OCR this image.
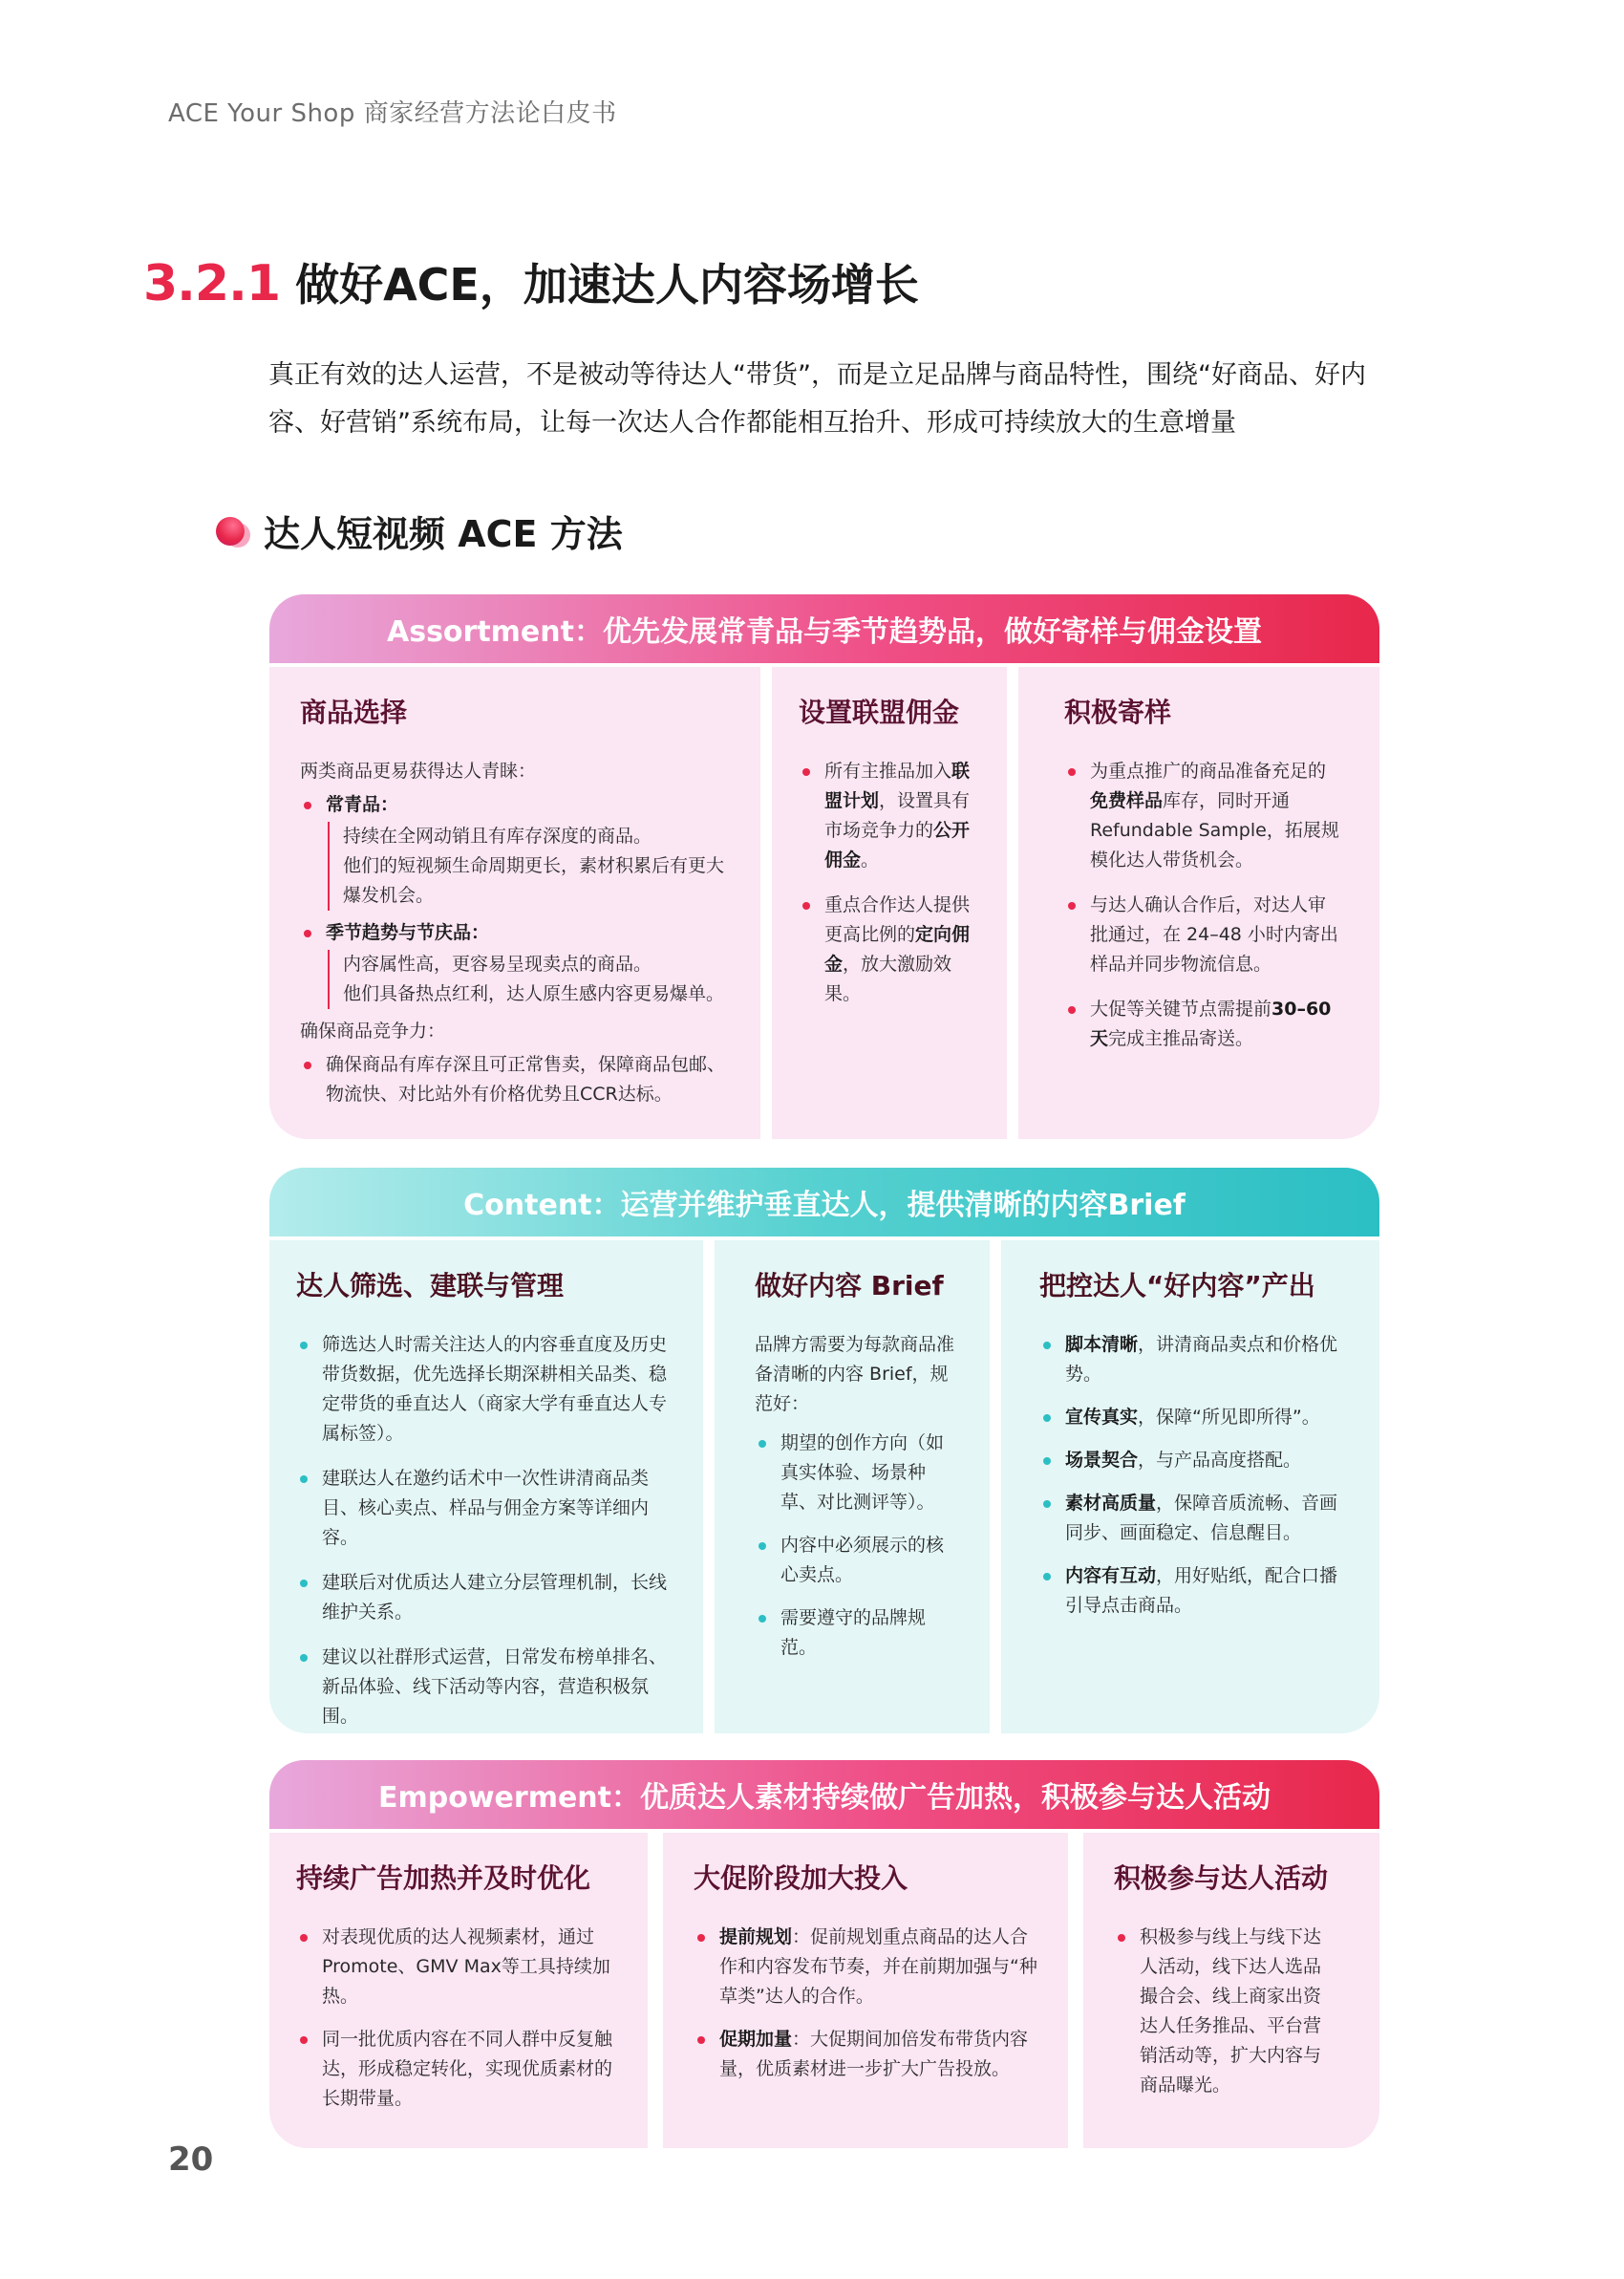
ACE Your Shop 商家经营方法论白皮书
3.2.1 做好ACE，加速达人内容场增长

真正有效的达人运营，不是被动等待达人“带货”，而是立足品牌与商品特性，围绕“好商品、好内容、好营销”系统布局，让每一次达人合作都能相互抬升、形成可持续放大的生意增量

达人短视频 ACE 方法
Assortment：优先发展常青品与季节趋势品，做好寄样与佣金设置
商品选择

两类商品更易获得达人青睐：

常青品：
持续在全网动销且有库存深度的商品。
他们的短视频生命周期更长，素材积累后有更大爆发机会。
季节趋势与节庆品：
内容属性高，更容易呈现卖点的商品。
他们具备热点红利，达人原生感内容更易爆单。

确保商品竞争力：

确保商品有库存深且可正常售卖，保障商品包邮、物流快、对比站外有价格优势且CCR达标。
设置联盟佣金
所有主推品加入联盟计划，设置具有市场竞争力的公开佣金。
重点合作达人提供更高比例的定向佣金，放大激励效果。
积极寄样
为重点推广的商品准备充足的免费样品库存，同时开通Refundable Sample，拓展规模化达人带货机会。
与达人确认合作后，对达人审批通过，在 24–48 小时内寄出样品并同步物流信息。
大促等关键节点需提前30–60 天完成主推品寄送。
Content：运营并维护垂直达人，提供清晰的内容Brief
达人筛选、建联与管理
筛选达人时需关注达人的内容垂直度及历史带货数据，优先选择长期深耕相关品类、稳定带货的垂直达人（商家大学有垂直达人专属标签）。
建联达人在邀约话术中一次性讲清商品类目、核心卖点、样品与佣金方案等详细内容。
建联后对优质达人建立分层管理机制，长线维护关系。
建议以社群形式运营，日常发布榜单排名、新品体验、线下活动等内容，营造积极氛围。
做好内容 Brief

品牌方需要为每款商品准备清晰的内容 Brief，规范好：

期望的创作方向（如真实体验、场景种草、对比测评等）。
内容中必须展示的核心卖点。
需要遵守的品牌规范。
把控达人“好内容”产出
脚本清晰，讲清商品卖点和价格优势。
宣传真实，保障“所见即所得”。
场景契合，与产品高度搭配。
素材高质量，保障音质流畅、音画同步、画面稳定、信息醒目。
内容有互动，用好贴纸，配合口播引导点击商品。
Empowerment：优质达人素材持续做广告加热，积极参与达人活动
持续广告加热并及时优化
对表现优质的达人视频素材，通过Promote、GMV Max等工具持续加热。
同一批优质内容在不同人群中反复触达，形成稳定转化，实现优质素材的长期带量。
大促阶段加大投入
提前规划：促前规划重点商品的达人合作和内容发布节奏，并在前期加强与“种草类”达人的合作。
促期加量：大促期间加倍发布带货内容量，优质素材进一步扩大广告投放。
积极参与达人活动
积极参与线上与线下达人活动，线下达人选品撮合会、线上商家出资达人任务推品、平台营销活动等，扩大内容与商品曝光。
20
